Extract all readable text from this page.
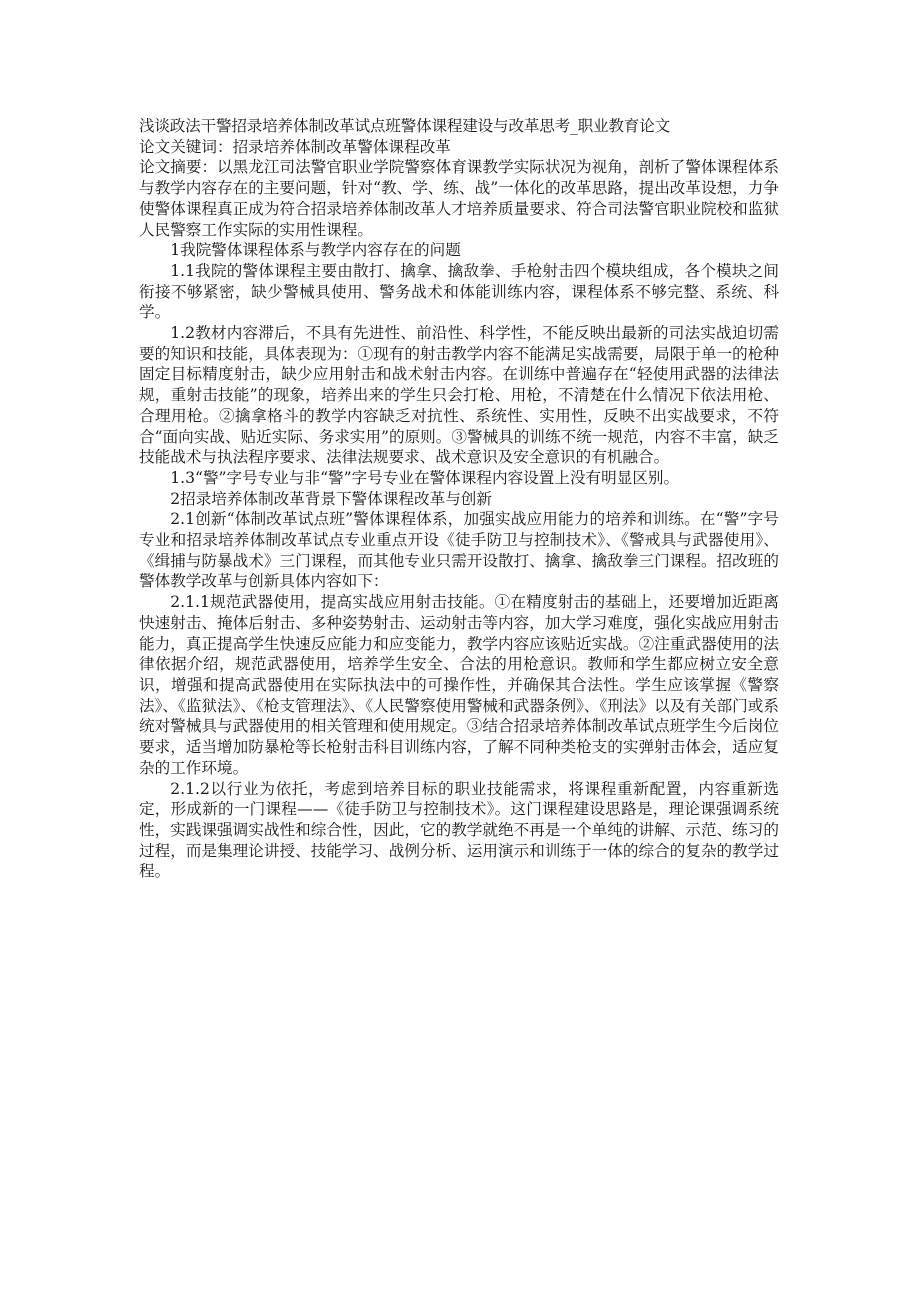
浅谈政法干警招录培养体制改革试点班警体课程建设与改革思考_职业教育论文

论文关键词：招录培养体制改革警体课程改革

论文摘要：以黑龙江司法警官职业学院警察体育课教学实际状况为视角，剖析了警体课程体系与教学内容存在的主要问题，针对“教、学、练、战”一体化的改革思路，提出改革设想，力争使警体课程真正成为符合招录培养体制改革人才培养质量要求、符合司法警官职业院校和监狱人民警察工作实际的实用性课程。

1我院警体课程体系与教学内容存在的问题

1.1我院的警体课程主要由散打、擒拿、擒敌拳、手枪射击四个模块组成，各个模块之间衔接不够紧密，缺少警械具使用、警务战术和体能训练内容，课程体系不够完整、系统、科学。

1.2教材内容滞后，不具有先进性、前沿性、科学性，不能反映出最新的司法实战迫切需要的知识和技能，具体表现为：①现有的射击教学内容不能满足实战需要，局限于单一的枪种固定目标精度射击，缺少应用射击和战术射击内容。在训练中普遍存在“轻使用武器的法律法规，重射击技能”的现象，培养出来的学生只会打枪、用枪，不清楚在什么情况下依法用枪、合理用枪。②擒拿格斗的教学内容缺乏对抗性、系统性、实用性，反映不出实战要求，不符合“面向实战、贴近实际、务求实用”的原则。③警械具的训练不统一规范，内容不丰富，缺乏技能战术与执法程序要求、法律法规要求、战术意识及安全意识的有机融合。

1.3“警”字号专业与非“警”字号专业在警体课程内容设置上没有明显区别。

2招录培养体制改革背景下警体课程改革与创新

2.1创新“体制改革试点班”警体课程体系，加强实战应用能力的培养和训练。在“警”字号专业和招录培养体制改革试点专业重点开设《徒手防卫与控制技术》、《警戒具与武器使用》、《缉捕与防暴战术》三门课程，而其他专业只需开设散打、擒拿、擒敌拳三门课程。招改班的警体教学改革与创新具体内容如下：

2.1.1规范武器使用，提高实战应用射击技能。①在精度射击的基础上，还要增加近距离快速射击、掩体后射击、多种姿势射击、运动射击等内容，加大学习难度，强化实战应用射击能力，真正提高学生快速反应能力和应变能力，教学内容应该贴近实战。②注重武器使用的法律依据介绍，规范武器使用，培养学生安全、合法的用枪意识。教师和学生都应树立安全意识，增强和提高武器使用在实际执法中的可操作性，并确保其合法性。学生应该掌握《警察法》、《监狱法》、《枪支管理法》、《人民警察使用警械和武器条例》、《刑法》以及有关部门或系统对警械具与武器使用的相关管理和使用规定。③结合招录培养体制改革试点班学生今后岗位要求，适当增加防暴枪等长枪射击科目训练内容，了解不同种类枪支的实弹射击体会，适应复杂的工作环境。

2.1.2以行业为依托，考虑到培养目标的职业技能需求，将课程重新配置，内容重新选定，形成新的一门课程——《徒手防卫与控制技术》。这门课程建设思路是，理论课强调系统性，实践课强调实战性和综合性，因此，它的教学就绝不再是一个单纯的讲解、示范、练习的过程，而是集理论讲授、技能学习、战例分析、运用演示和训练于一体的综合的复杂的教学过程。
